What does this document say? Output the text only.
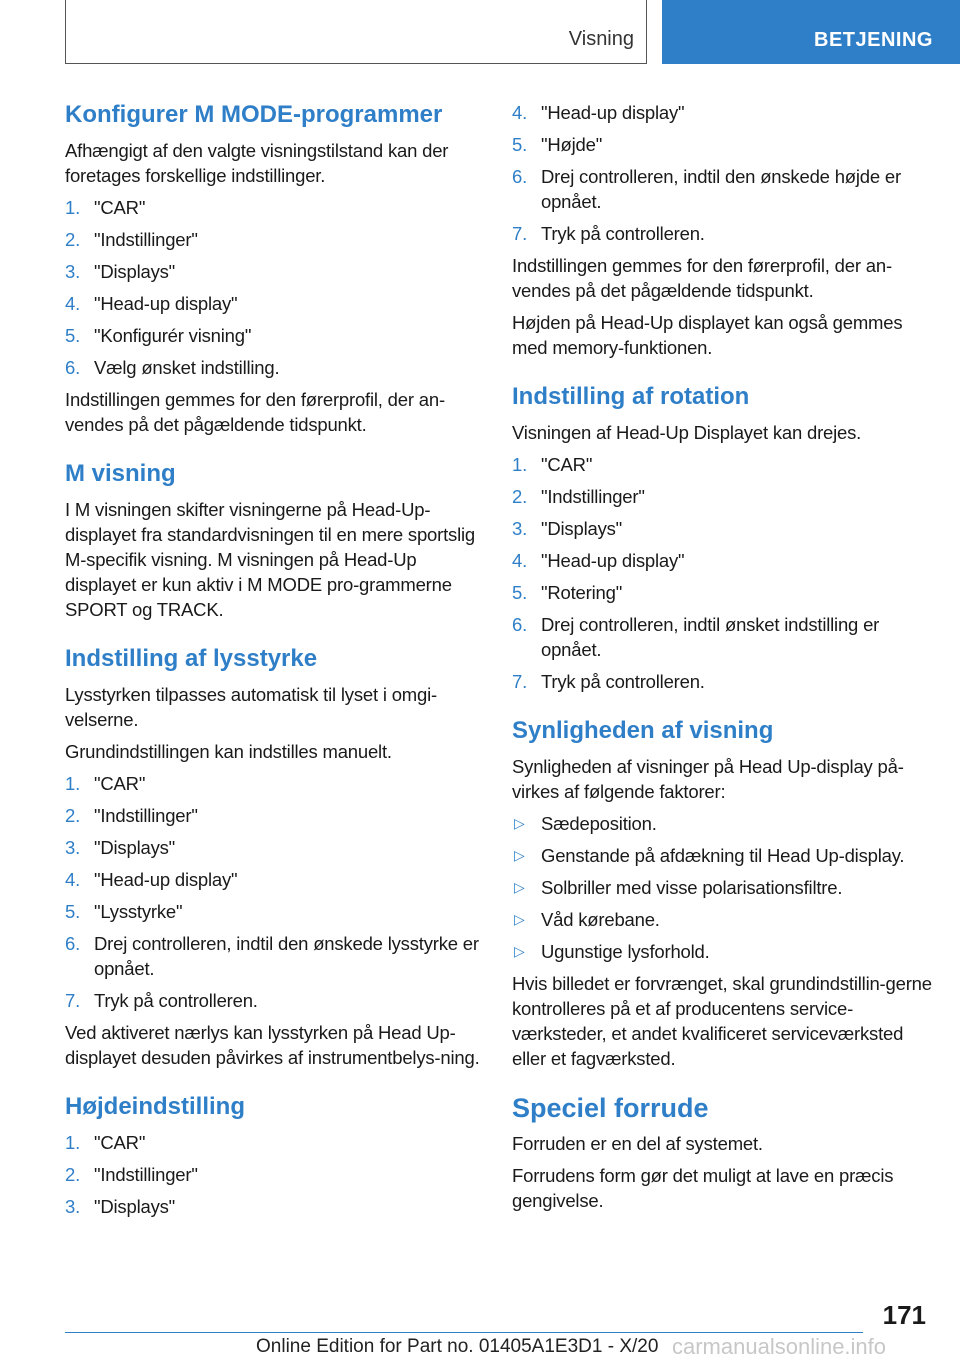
Visning	BETJENING
Konfigurer M MODE-programmer
Afhængigt af den valgte visningstilstand kan der foretages forskellige indstillinger.
1. "CAR"
2. "Indstillinger"
3. "Displays"
4. "Head-up display"
5. "Konfigurér visning"
6. Vælg ønsket indstilling.
Indstillingen gemmes for den førerprofil, der an-vendes på det pågældende tidspunkt.
M visning
I M visningen skifter visningerne på Head-Up-displayet fra standardvisningen til en mere sportslig M-specifik visning. M visningen på Head-Up displayet er kun aktiv i M MODE pro-grammerne SPORT og TRACK.
Indstilling af lysstyrke
Lysstyrken tilpasses automatisk til lyset i omgi-velserne.
Grundindstillingen kan indstilles manuelt.
1. "CAR"
2. "Indstillinger"
3. "Displays"
4. "Head-up display"
5. "Lysstyrke"
6. Drej controlleren, indtil den ønskede lysstyrke er opnået.
7. Tryk på controlleren.
Ved aktiveret nærlys kan lysstyrken på Head Up-displayet desuden påvirkes af instrumentbelys-ning.
Højdeindstilling
1. "CAR"
2. "Indstillinger"
3. "Displays"
4. "Head-up display"
5. "Højde"
6. Drej controlleren, indtil den ønskede højde er opnået.
7. Tryk på controlleren.
Indstillingen gemmes for den førerprofil, der an-vendes på det pågældende tidspunkt.
Højden på Head-Up displayet kan også gemmes med memory-funktionen.
Indstilling af rotation
Visningen af Head-Up Displayet kan drejes.
1. "CAR"
2. "Indstillinger"
3. "Displays"
4. "Head-up display"
5. "Rotering"
6. Drej controlleren, indtil ønsket indstilling er opnået.
7. Tryk på controlleren.
Synligheden af visning
Synligheden af visninger på Head Up-display på-virkes af følgende faktorer:
▷ Sædeposition.
▷ Genstande på afdækning til Head Up-display.
▷ Solbriller med visse polarisationsfiltre.
▷ Våd kørebane.
▷ Ugunstige lysforhold.
Hvis billedet er forvrænget, skal grundindstillin-gerne kontrolleres på et af producentens service-værksteder, et andet kvalificeret serviceværksted eller et fagværksted.
Speciel forrude
Forruden er en del af systemet.
Forrudens form gør det muligt at lave en præcis gengivelse.
171
Online Edition for Part no. 01405A1E3D1 - X/20 carmanualsonline.info
